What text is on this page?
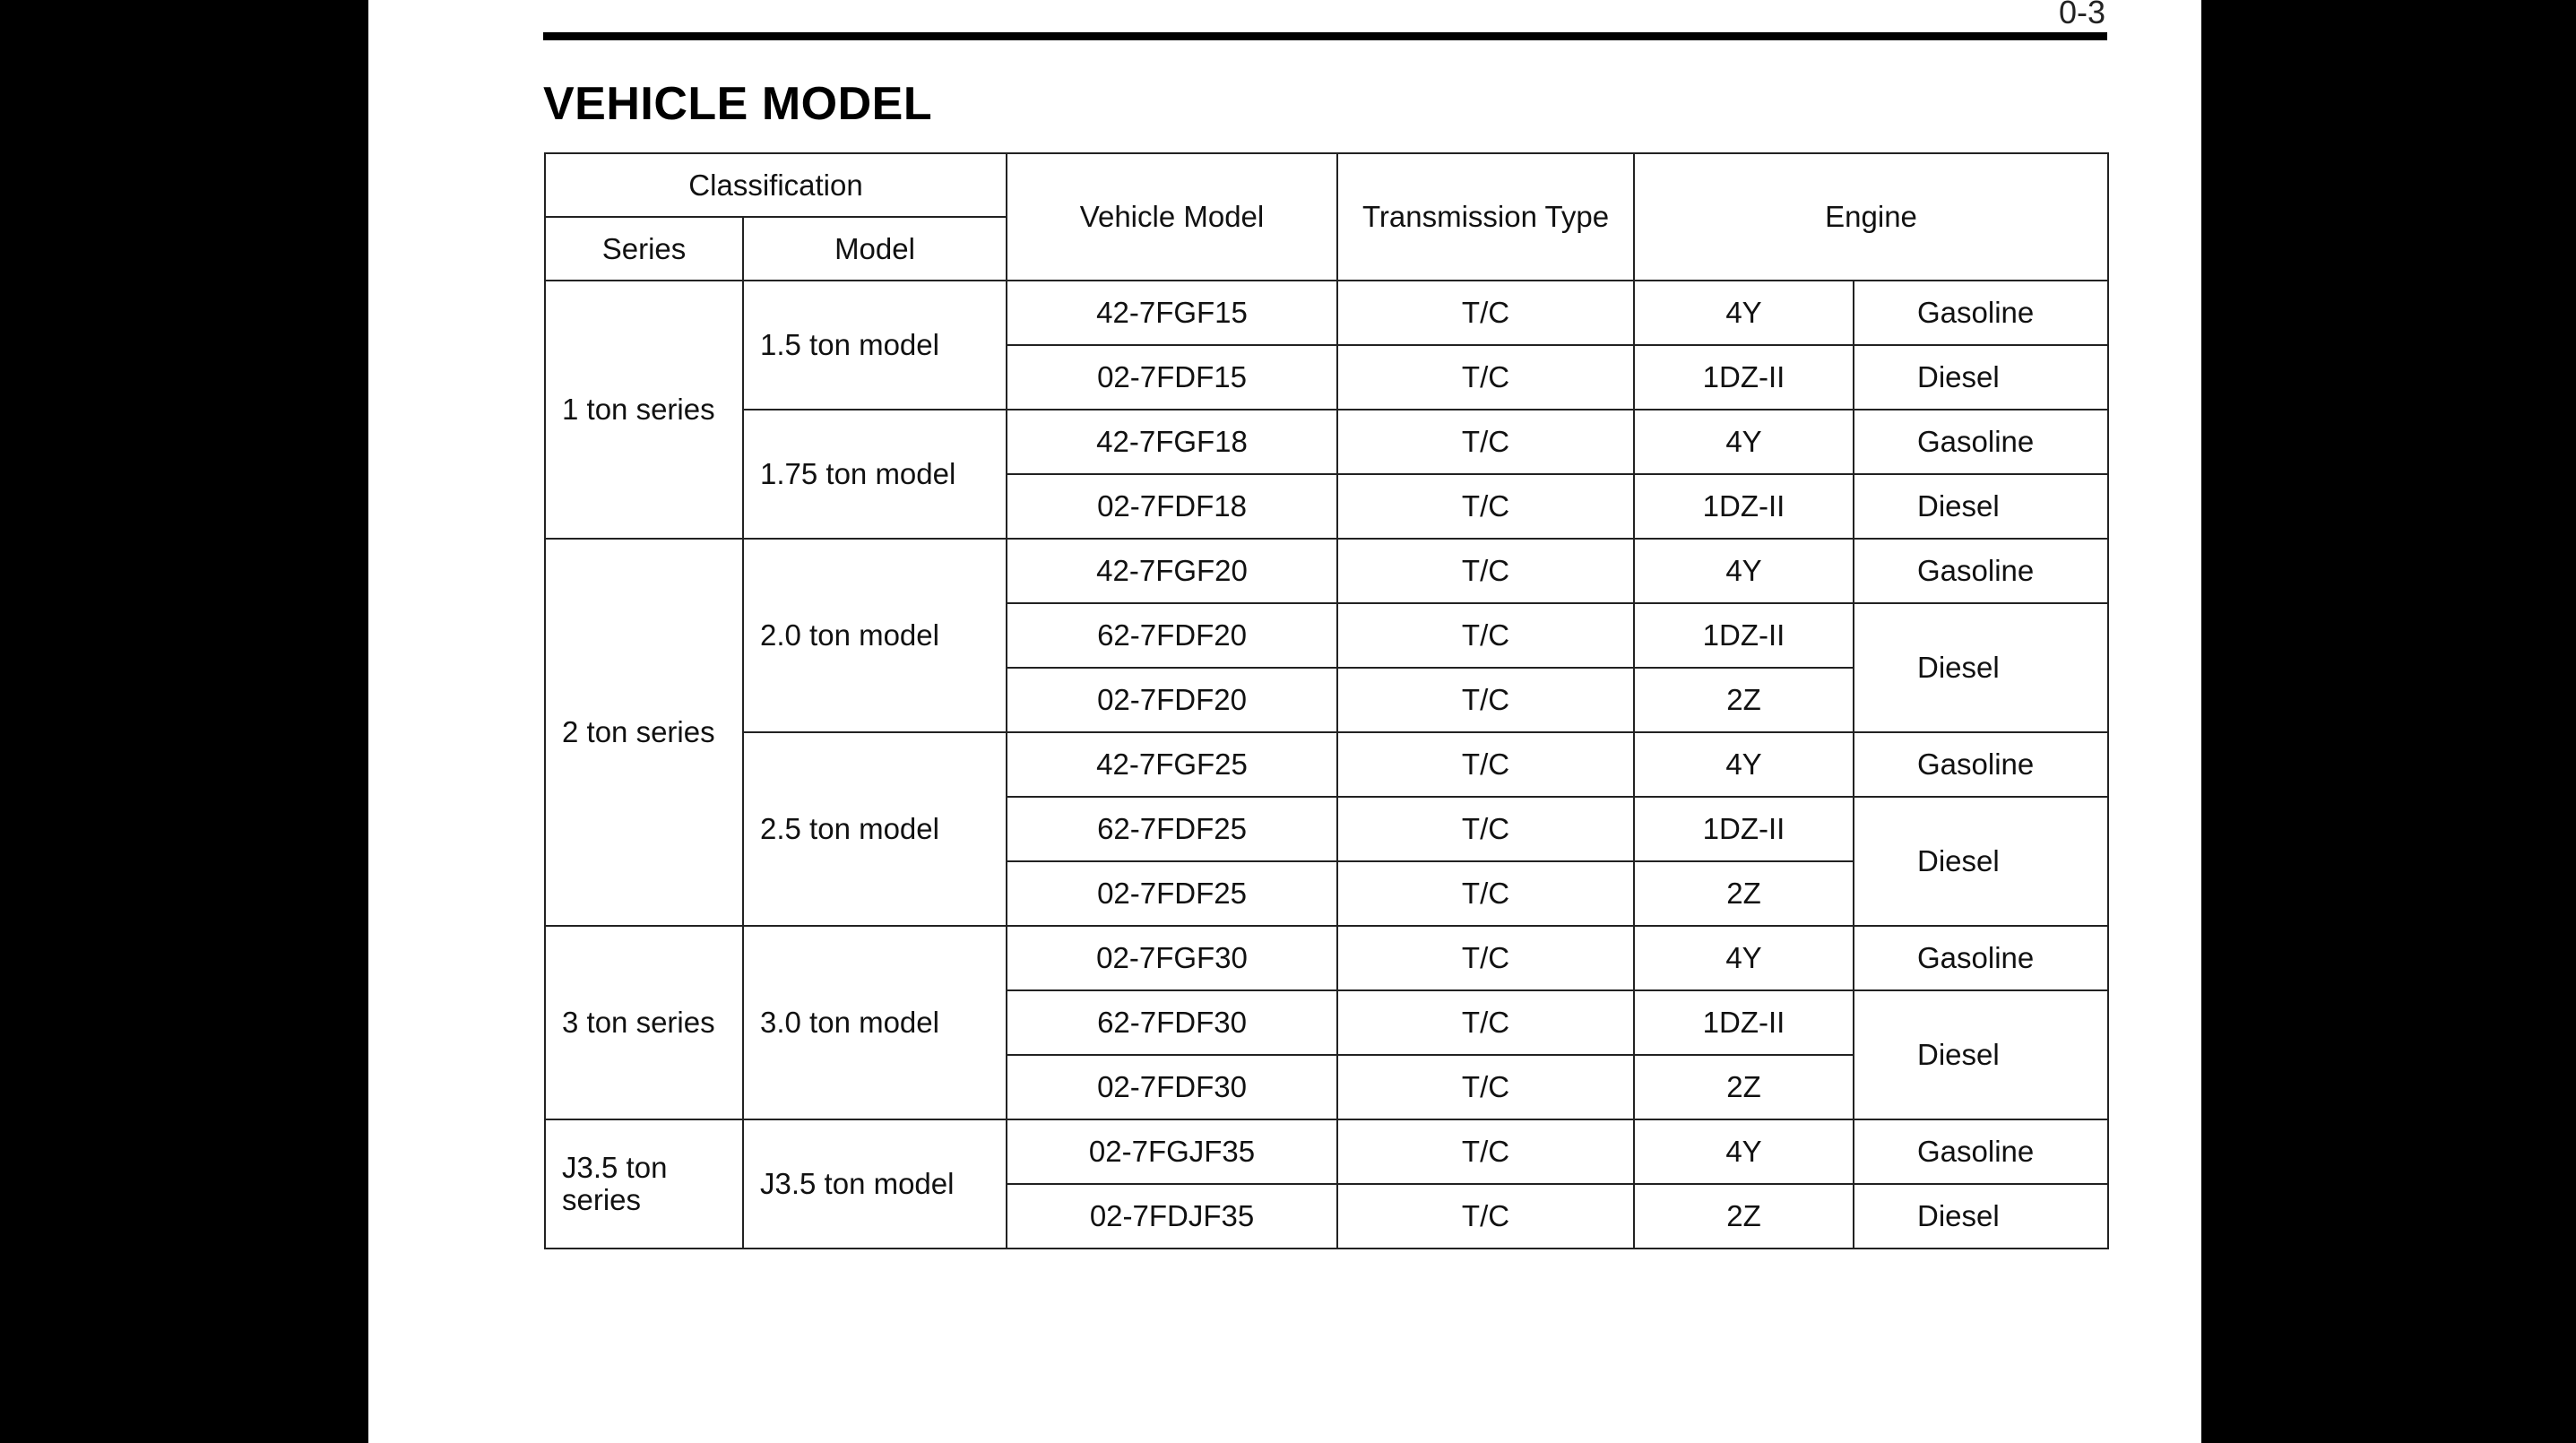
0-3
VEHICLE MODEL
Classification		Vehicle Model	Transmission Type	Engine	
Series	Model				
1 ton series	1.5 ton model	42-7FGF15	T/C	4Y	Gasoline
		02-7FDF15	T/C	1DZ-II	Diesel
	1.75 ton model	42-7FGF18	T/C	4Y	Gasoline
		02-7FDF18	T/C	1DZ-II	Diesel
2 ton series	2.0 ton model	42-7FGF20	T/C	4Y	Gasoline
		62-7FDF20	T/C	1DZ-II	Diesel
		02-7FDF20	T/C	2Z	
	2.5 ton model	42-7FGF25	T/C	4Y	Gasoline
		62-7FDF25	T/C	1DZ-II	Diesel
		02-7FDF25	T/C	2Z	
3 ton series	3.0 ton model	02-7FGF30	T/C	4Y	Gasoline
		62-7FDF30	T/C	1DZ-II	Diesel
		02-7FDF30	T/C	2Z	
J3.5 ton series	J3.5 ton model	02-7FGJF35	T/C	4Y	Gasoline
		02-7FDJF35	T/C	2Z	Diesel
